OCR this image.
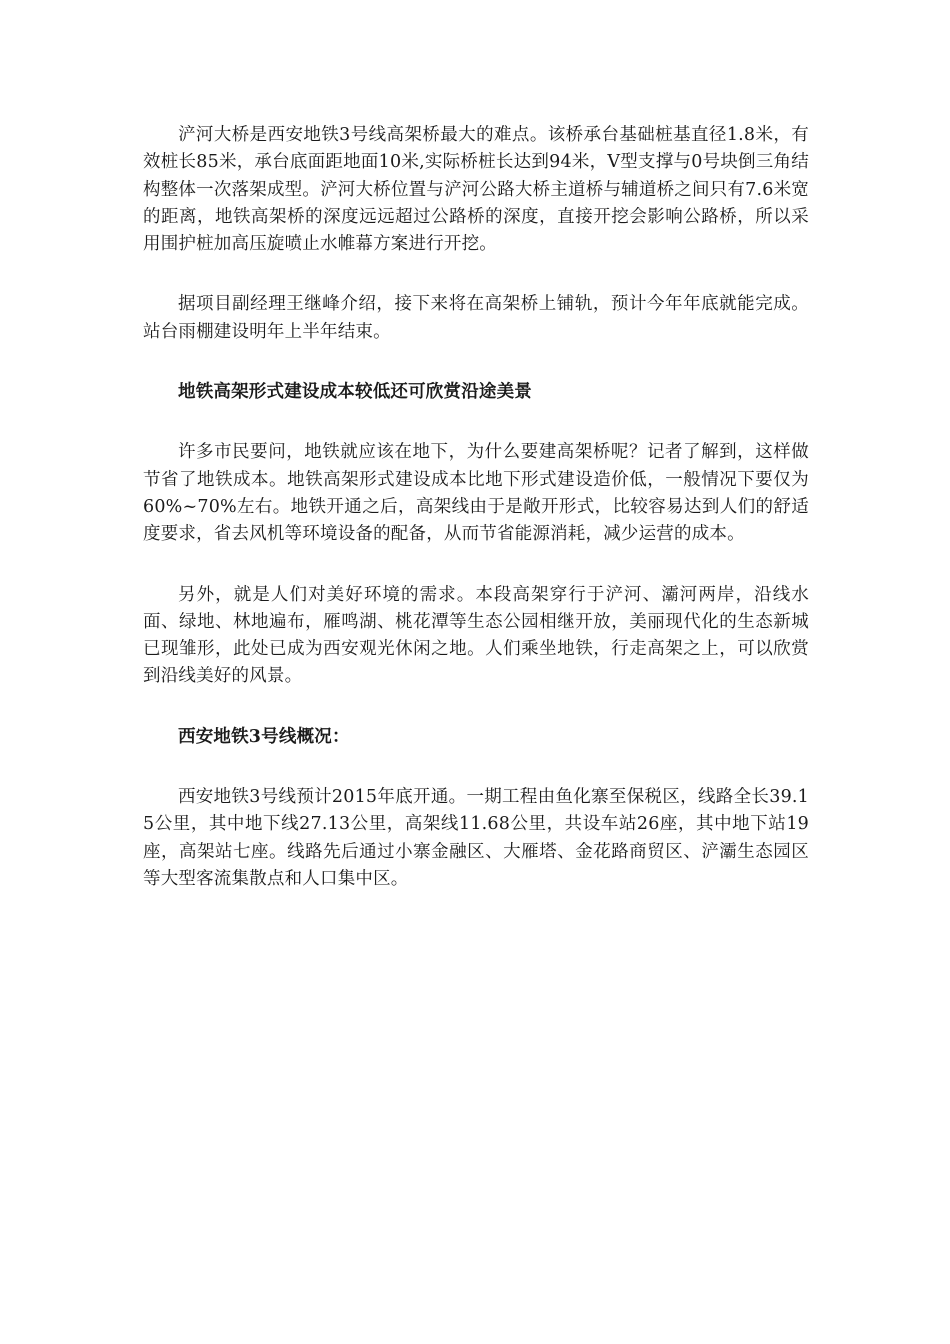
浐河大桥是西安地铁3号线高架桥最大的难点。该桥承台基础桩基直径1.8米，有效桩长85米，承台底面距地面10米,实际桥桩长达到94米，V型支撑与0号块倒三角结构整体一次落架成型。浐河大桥位置与浐河公路大桥主道桥与辅道桥之间只有7.6米宽的距离，地铁高架桥的深度远远超过公路桥的深度，直接开挖会影响公路桥，所以采用围护桩加高压旋喷止水帷幕方案进行开挖。

据项目副经理王继峰介绍，接下来将在高架桥上铺轨，预计今年年底就能完成。站台雨棚建设明年上半年结束。

地铁高架形式建设成本较低还可欣赏沿途美景

许多市民要问，地铁就应该在地下，为什么要建高架桥呢？记者了解到，这样做节省了地铁成本。地铁高架形式建设成本比地下形式建设造价低，一般情况下要仅为60%~70%左右。地铁开通之后，高架线由于是敞开形式，比较容易达到人们的舒适度要求，省去风机等环境设备的配备，从而节省能源消耗，减少运营的成本。

另外，就是人们对美好环境的需求。本段高架穿行于浐河、灞河两岸，沿线水面、绿地、林地遍布，雁鸣湖、桃花潭等生态公园相继开放，美丽现代化的生态新城已现雏形，此处已成为西安观光休闲之地。人们乘坐地铁，行走高架之上，可以欣赏到沿线美好的风景。

西安地铁3号线概况：

西安地铁3号线预计2015年底开通。一期工程由鱼化寨至保税区，线路全长39.15公里，其中地下线27.13公里，高架线11.68公里，共设车站26座，其中地下站19座，高架站七座。线路先后通过小寨金融区、大雁塔、金花路商贸区、浐灞生态园区等大型客流集散点和人口集中区。
